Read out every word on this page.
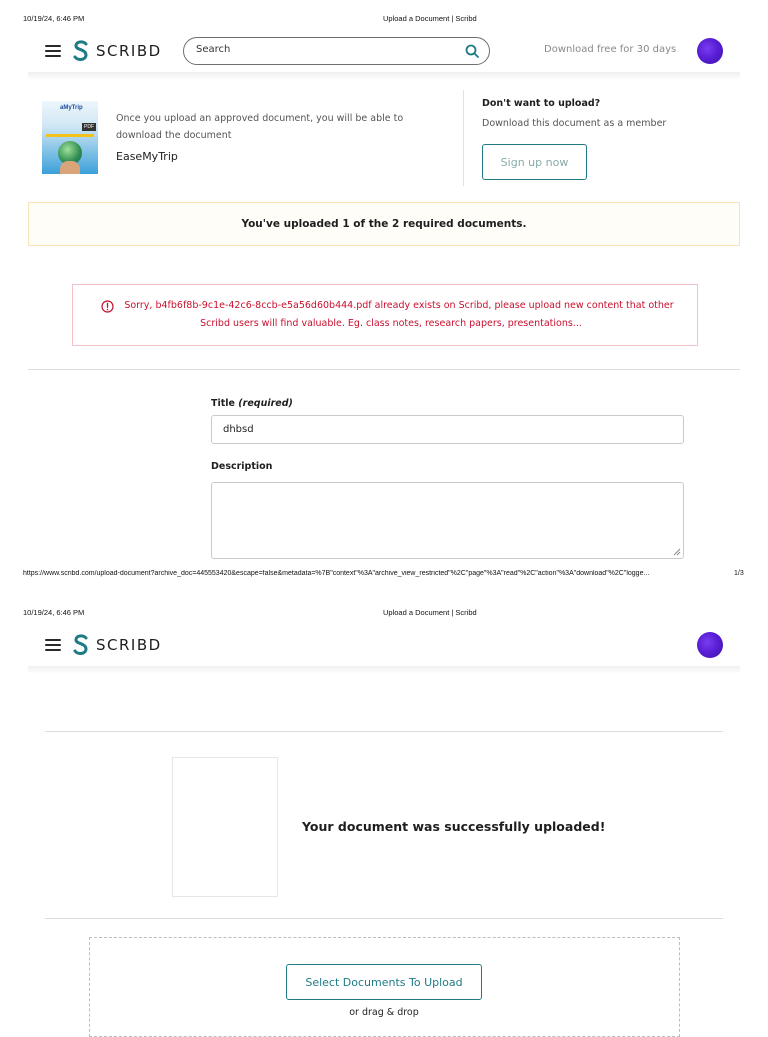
10/19/24, 6:46 PM	Upload a Document | Scribd
SCRIBD
Search	Download free for 30 days
aMyTrip
PDF
Once you upload an approved document, you will be able to download the document
EaseMyTrip
Don't want to upload?
Download this document as a member
Sign up now
You've uploaded 1 of the 2 required documents.
Sorry, b4fb6f8b-9c1e-42c6-8ccb-e5a56d60b444.pdf already exists on Scribd, please upload new content that other Scribd users will find valuable. Eg. class notes, research papers, presentations...
Title (required)
dhbsd
Description
https://www.scribd.com/upload-document?archive_doc=445553420&escape=false&metadata=%7B"context"%3A"archive_view_restricted"%2C"page"%3A"read"%2C"action"%3A"download"%2C"logge...	1/3
10/19/24, 6:46 PM	Upload a Document | Scribd
SCRIBD
Your document was successfully uploaded!
Select Documents To Upload
or drag & drop
